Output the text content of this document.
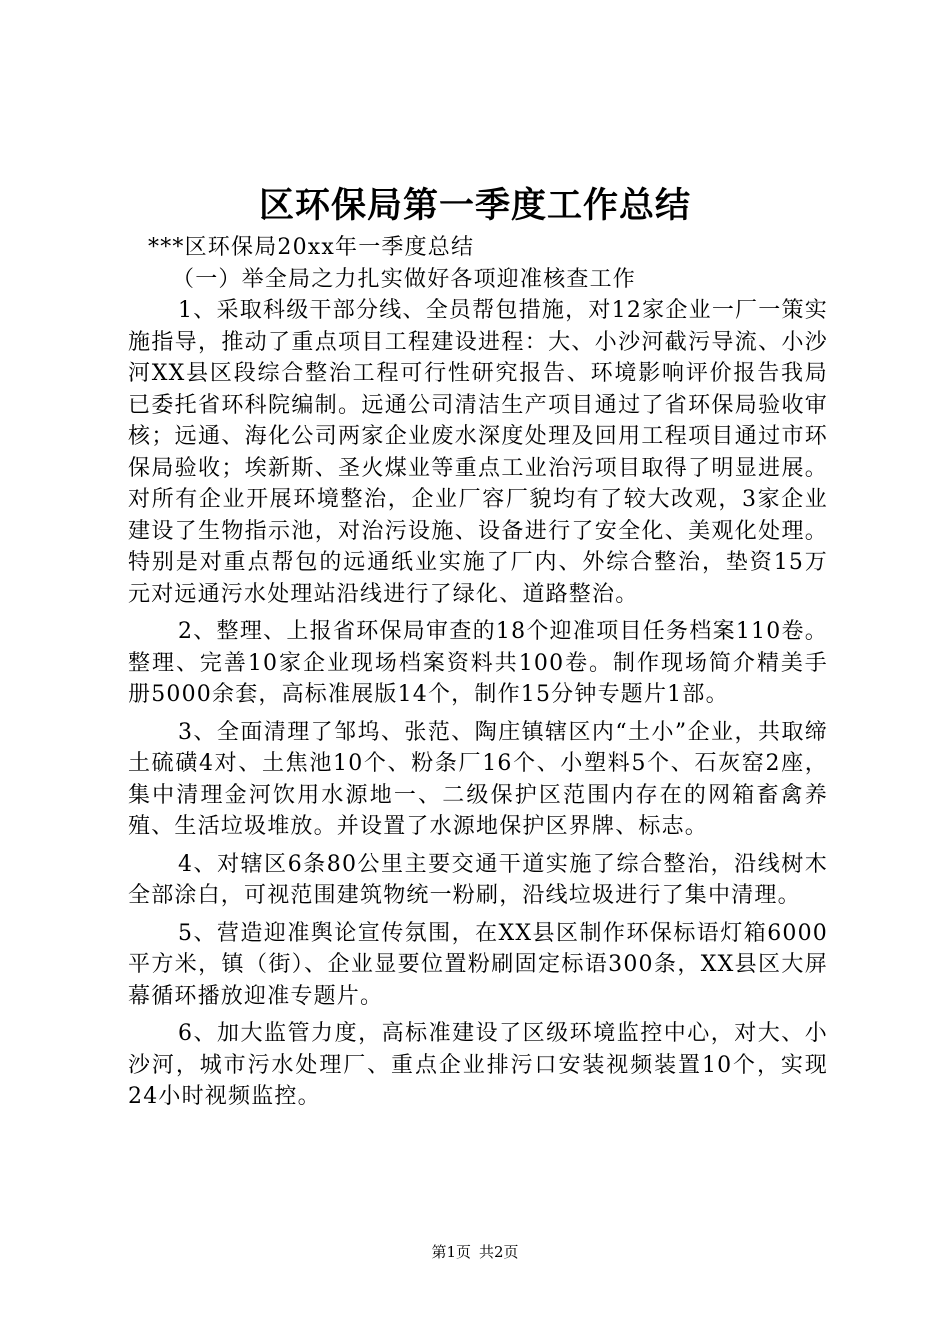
区环保局第一季度工作总结

***区环保局20xx年一季度总结

（一）举全局之力扎实做好各项迎准核查工作

1、采取科级干部分线、全员帮包措施，对12家企业一厂一策实施指导，推动了重点项目工程建设进程：大、小沙河截污导流、小沙河XX县区段综合整治工程可行性研究报告、环境影响评价报告我局已委托省环科院编制。远通公司清洁生产项目通过了省环保局验收审核；远通、海化公司两家企业废水深度处理及回用工程项目通过市环保局验收；埃新斯、圣火煤业等重点工业治污项目取得了明显进展。对所有企业开展环境整治，企业厂容厂貌均有了较大改观，3家企业建设了生物指示池，对治污设施、设备进行了安全化、美观化处理。特别是对重点帮包的远通纸业实施了厂内、外综合整治，垫资15万元对远通污水处理站沿线进行了绿化、道路整治。

2、整理、上报省环保局审查的18个迎准项目任务档案110卷。整理、完善10家企业现场档案资料共100卷。制作现场简介精美手册5000余套，高标准展版14个，制作15分钟专题片1部。

3、全面清理了邹坞、张范、陶庄镇辖区内“土小”企业，共取缔土硫磺4对、土焦池10个、粉条厂16个、小塑料5个、石灰窑2座，集中清理金河饮用水源地一、二级保护区范围内存在的网箱畜禽养殖、生活垃圾堆放。并设置了水源地保护区界牌、标志。

4、对辖区6条80公里主要交通干道实施了综合整治，沿线树木全部涂白，可视范围建筑物统一粉刷，沿线垃圾进行了集中清理。

5、营造迎准舆论宣传氛围，在XX县区制作环保标语灯箱6000平方米，镇（街）、企业显要位置粉刷固定标语300条，XX县区大屏幕循环播放迎准专题片。

6、加大监管力度，高标准建设了区级环境监控中心，对大、小沙河，城市污水处理厂、重点企业排污口安装视频装置10个，实现24小时视频监控。

第1页 共2页
